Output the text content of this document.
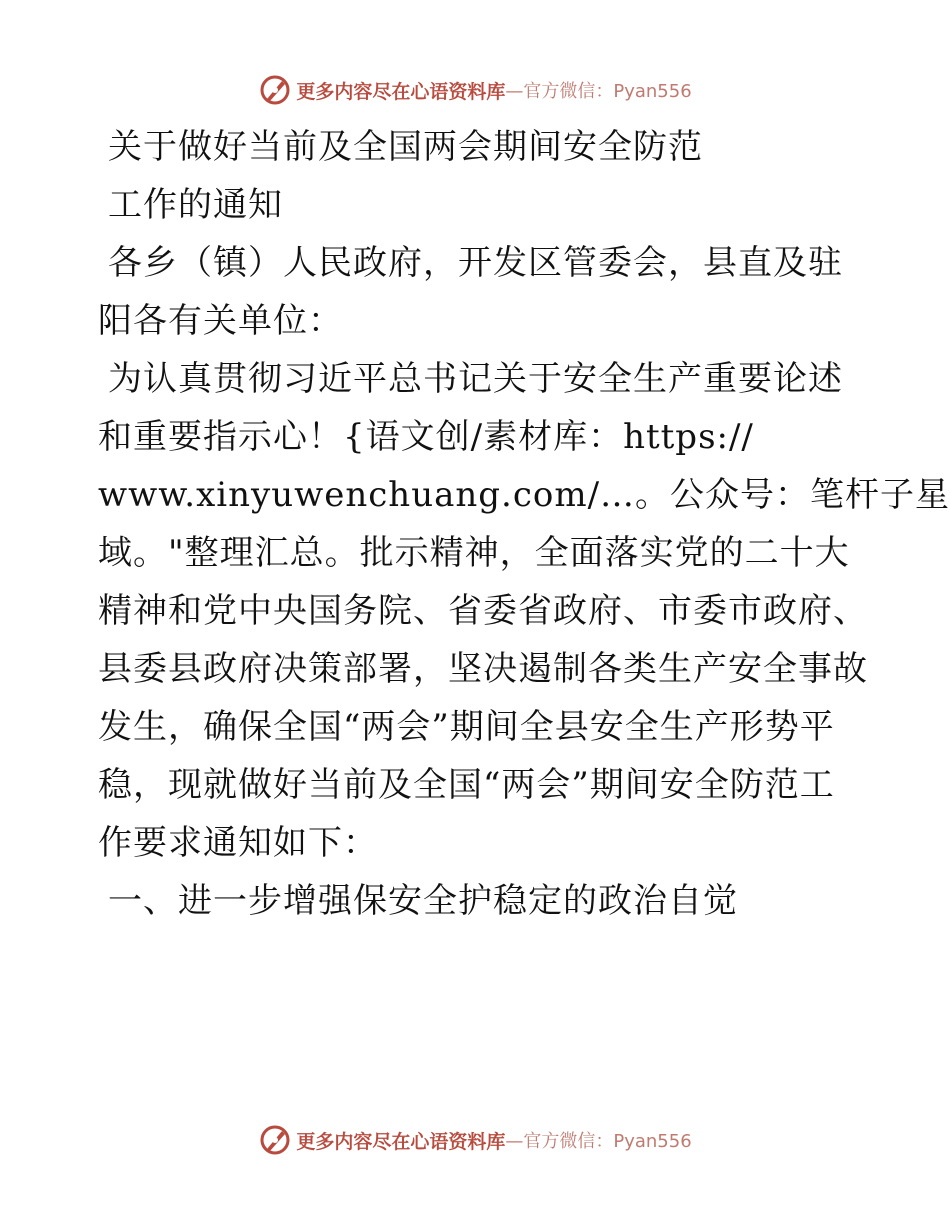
更多内容尽在心语资料库 —官方微信：Pyan556
关于做好当前及全国两会期间安全防范
工作的通知
各乡（镇）人民政府，开发区管委会，县直及驻
阳各有关单位：
为认真贯彻习近平总书记关于安全生产重要论述
和重要指示心！{语文创/素材库：https://
www.xinyuwenchuang.com/…。公众号：笔杆子星
域。"整理汇总。批示精神，全面落实党的二十大
精神和党中央国务院、省委省政府、市委市政府、
县委县政府决策部署，坚决遏制各类生产安全事故
发生，确保全国“两会”期间全县安全生产形势平
稳，现就做好当前及全国“两会”期间安全防范工
作要求通知如下：
一、进一步增强保安全护稳定的政治自觉
更多内容尽在心语资料库 —官方微信：Pyan556
